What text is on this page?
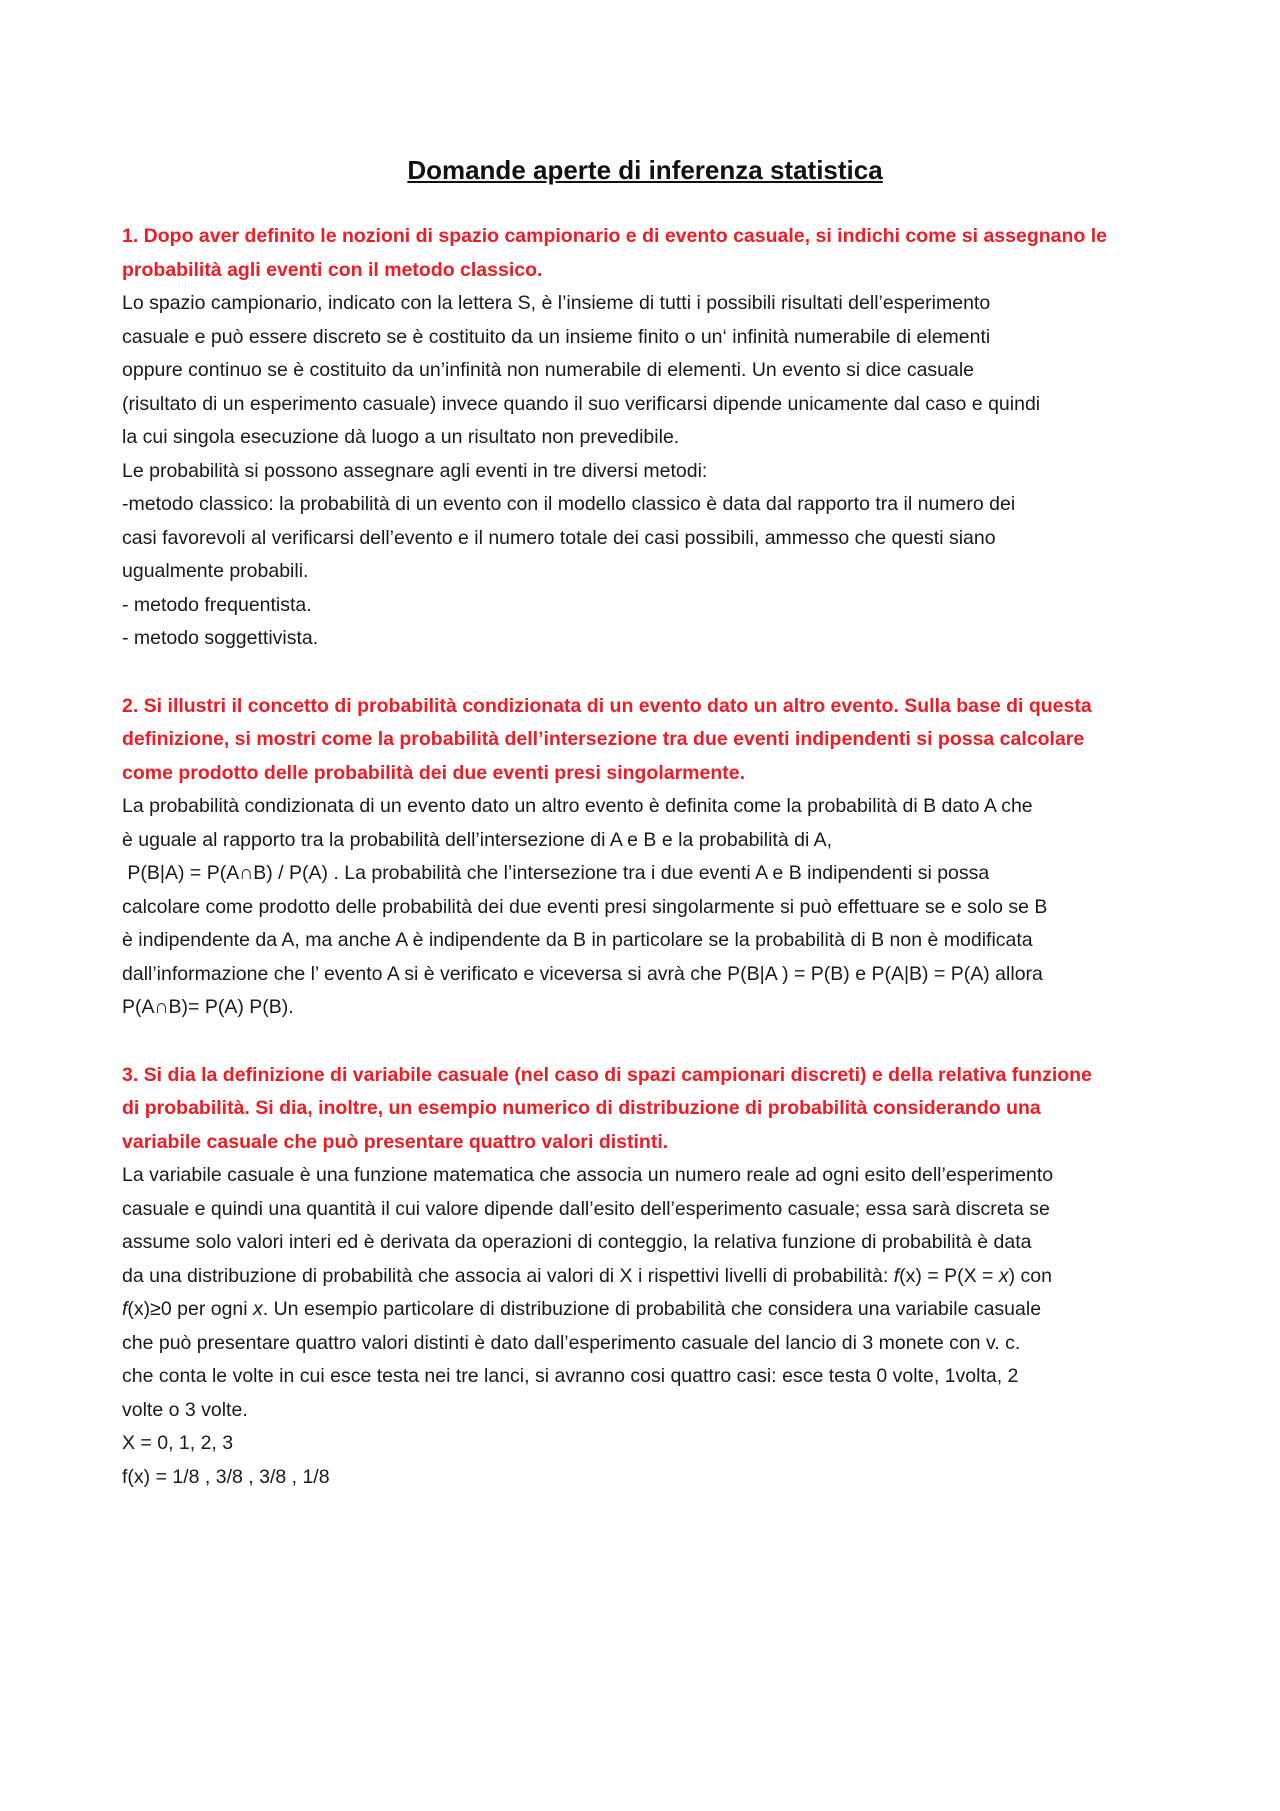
Domande aperte di inferenza statistica
1. Dopo aver definito le nozioni di spazio campionario e di evento casuale, si indichi come si assegnano le
probabilità agli eventi con il metodo classico.
Lo spazio campionario, indicato con la lettera S, è l’insieme di tutti i possibili risultati dell’esperimento
casuale e può essere discreto se è costituito da un insieme finito o un‘ infinità numerabile di elementi
oppure continuo se è costituito da un’infinità non numerabile di elementi. Un evento si dice casuale
(risultato di un esperimento casuale) invece quando il suo verificarsi dipende unicamente dal caso e quindi
la cui singola esecuzione dà luogo a un risultato non prevedibile.
Le probabilità si possono assegnare agli eventi in tre diversi metodi:
-metodo classico: la probabilità di un evento con il modello classico è data dal rapporto tra il numero dei
casi favorevoli al verificarsi dell’evento e il numero totale dei casi possibili, ammesso che questi siano
ugualmente probabili.
- metodo frequentista.
- metodo soggettivista.
2. Si illustri il concetto di probabilità condizionata di un evento dato un altro evento. Sulla base di questa
definizione, si mostri come la probabilità dell’intersezione tra due eventi indipendenti si possa calcolare
come prodotto delle probabilità dei due eventi presi singolarmente.
La probabilità condizionata di un evento dato un altro evento è definita come la probabilità di B dato A che
è uguale al rapporto tra la probabilità dell’intersezione di A e B e la probabilità di A,
P(B|A) = P(A∩B) / P(A) . La probabilità che l’intersezione tra i due eventi A e B indipendenti si possa
calcolare come prodotto delle probabilità dei due eventi presi singolarmente si può effettuare se e solo se B
è indipendente da A, ma anche A è indipendente da B in particolare se la probabilità di B non è modificata
dall’informazione che l’ evento A si è verificato e viceversa si avrà che P(B|A ) = P(B) e P(A|B) = P(A) allora
P(A∩B)= P(A) P(B).
3. Si dia la definizione di variabile casuale (nel caso di spazi campionari discreti) e della relativa funzione
di probabilità. Si dia, inoltre, un esempio numerico di distribuzione di probabilità considerando una
variabile casuale che può presentare quattro valori distinti.
La variabile casuale è una funzione matematica che associa un numero reale ad ogni esito dell’esperimento
casuale e quindi una quantità il cui valore dipende dall’esito dell’esperimento casuale; essa sarà discreta se
assume solo valori interi ed è derivata da operazioni di conteggio, la relativa funzione di probabilità è data
da una distribuzione di probabilità che associa ai valori di X i rispettivi livelli di probabilità: f(x) = P(X = x) con
f(x)≥0 per ogni x. Un esempio particolare di distribuzione di probabilità che considera una variabile casuale
che può presentare quattro valori distinti è dato dall’esperimento casuale del lancio di 3 monete con v. c.
che conta le volte in cui esce testa nei tre lanci, si avranno cosi quattro casi: esce testa 0 volte, 1volta, 2
volte o 3 volte.
X = 0, 1, 2, 3
f(x) = 1/8 , 3/8 , 3/8 , 1/8
